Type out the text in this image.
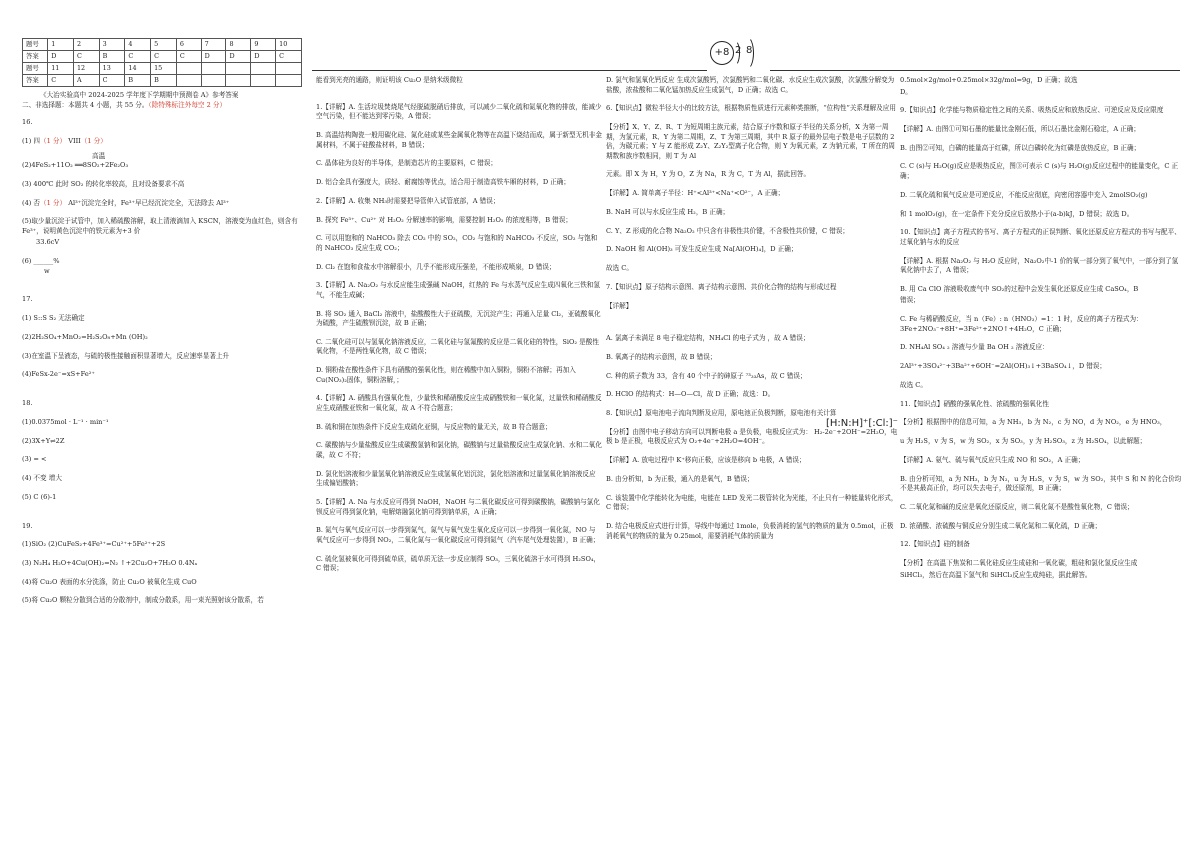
+8 2 8
题号	1	2	3	4	5	6	7	8	9	10
答案	D	C	B	C	C	C	D	D	D	C
题号	11	12	13	14	15					
答案	C	A	C	B	B					
《大冶实验高中 2024-2025 学年度下学期期中预测卷 A》参考答案
二、非选择题：本题共 4 小题，共 55 分。（除特殊标注外每空 2 分）

16.

(1) 四（1 分） VIII（1 分）

高温

(2)4FeS₂+11O₂ ══8SO₂+2Fe₂O₃

(3) 400℃ 此时 SO₂ 的转化率较高，且对设备要求不高

(4) 否（1 分） Al³⁺沉淀完全时，Fe³⁺早已经沉淀完全，无法除去 Al³⁺

(5)取少量沉淀于试管中，加入稀硫酸溶解，取上清液滴加入 KSCN，溶液变为血红色，则含有 Fe³⁺，说明黄色沉淀中的铁元素为+3 价

33.6cV

(6) ______%

w

17.

(1) S::S S₂ 无法确定

(2)2H₂SO₄+MnO₂=H₂S₂O₈+Mn (OH)₂

(3)在室温下呈液态，与硫的极性接触面积显著增大，反应速率显著上升

(4)FeSx-2e⁻=xS+Fe²⁺

18.

(1)0.0375mol · L⁻¹ · min⁻¹

(2)3X+Y⇌2Z

(3) = <

(4) 不变 增大

(5) C (6)-1

19.

(1)SiO₂ (2)CuFeS₂+4Fe³⁺=Cu²⁺+5Fe²⁺+2S

(3) N₂H₄ H₂O+4Cu(OH)₂=N₂ ↑+2Cu₂O+7H₂O 0.4Nₐ

(4)将 Cu₂O 表面的水分洗涤，防止 Cu₂O 被氧化生成 CuO

(5)将 Cu₂O 颗粒分散到合适的分散剂中，制成分散系，用一束光照射该分散系，若

能看到光亮的通路，则证明该 Cu₂O 是纳米级微粒

1.【详解】A. 生活垃圾焚烧尾气经脱硫脱硝后排放，可以减少二氧化硫和氮氧化物的排放，能减少空气污染，但不能达到零污染，A 错误；

B. 高温结构陶瓷一般用碳化硅、氮化硅或某些金属氧化物等在高温下烧结而成，属于新型无机非金属材料，不属于硅酸盐材料，B 错误；

C. 晶体硅为良好的半导体，是制造芯片的主要原料，C 错误；

D. 铝合金具有强度大，质轻、耐腐蚀等优点，适合用于制造高铁车厢的材料，D 正确；

2.【详解】A. 收集 NH₃时需要把导管伸入试管底部，A 错误；

B. 探究 Fe³⁺、Cu²⁺ 对 H₂O₂ 分解速率的影响，需要控制 H₂O₂ 的浓度相等，B 错误；

C. 可以用饱和的 NaHCO₃ 除去 CO₂ 中的 SO₂，CO₂ 与饱和的 NaHCO₃ 不反应，SO₂ 与饱和的 NaHCO₃ 反应生成 CO₂；

D. Cl₂ 在饱和食盐水中溶解很小，几乎不能形成压强差，不能形成喷泉，D 错误；

3.【详解】A. Na₂O₂ 与水反应能生成强碱 NaOH，红热的 Fe 与水蒸气反应生成四氧化三铁和氢气，不能生成碱；

B. 将 SO₂ 通入 BaCl₂ 溶液中，盐酸酸性大于亚硫酸，无沉淀产生；再通入足量 Cl₂，亚硫酸氧化为硫酸，产生硫酸钡沉淀，故 B 正确；

C. 二氧化硅可以与氢氧化钠溶液反应，二氧化硅与氢氟酸的反应是二氧化硅的特性，SiO₂ 是酸性氧化物，不是两性氧化物，故 C 错误；

D. 铜粉盐在酸性条件下具有硝酸的强氧化性，则在稀酸中加入铜粉，铜粉不溶解；再加入 Cu(NO₃)₂固体，铜粉溶解，；

4.【详解】A. 硝酸具有强氧化性，少量铁和稀硝酸反应生成硝酸铁和一氧化氮，过量铁和稀硝酸反应生成硝酸亚铁和一氧化氮，故 A 不符合题意；

B. 硫和铜在加热条件下反应生成硫化亚铜，与反应物的量无关，故 B 符合题意；

C. 碳酸钠与少量盐酸反应生成碳酸氢钠和氯化钠，碳酸钠与过量盐酸反应生成氯化钠、水和二氧化碳，故 C 不符；

D. 氯化铝溶液和少量氢氧化钠溶液反应生成氢氧化铝沉淀，氯化铝溶液和过量氢氧化钠溶液反应生成偏铝酸钠；

5.【详解】A. Na 与水反应可得到 NaOH，NaOH 与二氧化碳反应可得到碳酸钠，碳酸钠与氯化钡反应可得到氯化钠，电解熔融氯化钠可得到钠单质，A 正确；

B. 氮气与氧气反应可以一步得到氮气，氮气与氧气发生氧化反应可以一步得到一氧化氮，NO 与氧气反应可一步得到 NO₂，二氧化氮与一氧化碳反应可得到氮气（汽车尾气处理装置），B 正确；

C. 硫化氢被氧化可得到硫单质，硫单质无法一步反应制得 SO₃，三氧化硫溶于水可得到 H₂SO₄，C 错误；

D. 氯气和氢氧化钙反应 生成次氯酸钙，次氯酸钙和二氧化碳、水反应生成次氯酸，次氯酸分解变为盐酸，浓盐酸和二氧化锰加热反应生成氯气，D 正确；故选 C。

6.【知识点】微粒半径大小的比较方法，根据物质性质进行元素种类推断，“位构性”关系理解及应用

【分析】X、Y、Z、R、T 为短周期主族元素，结合原子序数和原子半径的关系分析，X 为第一周期，为氢元素，R、Y 为第二周期，Z、T 为第三周期，其中 R 原子的最外层电子数是电子层数的 2 倍，为碳元素；Y 与 Z 能形成 Z₂Y、Z₂Y₂型离子化合物，则 Y 为氧元素，Z 为钠元素，T 所在的周期数和族序数相同，则 T 为 Al

元素。即 X 为 H，Y 为 O，Z 为 Na，R 为 C，T 为 Al，据此回答。

【详解】A. 简单离子半径：H⁺<Al³⁺<Na⁺<O²⁻，A 正确；

B. NaH 可以与水反应生成 H₂，B 正确；

C. Y、Z 形成的化合物 Na₂O₂ 中只含有非极性共价键，不含极性共价键，C 错误；

D. NaOH 和 Al(OH)₃ 可发生反应生成 Na[Al(OH)₄]，D 正确；

故选 C。

7.【知识点】原子结构示意图、离子结构示意图、共价化合物的结构与形成过程

【详解】

A. 氯离子未满足 8 电子稳定结构，NH₄Cl 的电子式为 ，故 A 错误；

B. 氧离子的结构示意图，故 B 错误；

C. 种的质子数为 33，含有 40 个中子的砷原子 ⁷³₃₃As，故 C 错误；

D. HClO 的结构式：H—O—Cl，故 D 正确；故选：D。

8.【知识点】原电池电子流向判断及应用，原电池正负极判断，原电池有关计算

【分析】由图中电子移动方向可以判断电极 a 是负极，电极反应式为： H₂-2e⁻+2OH⁻=2H₂O，电极 b 是正极，电极反应式为 O₂+4e⁻+2H₂O=4OH⁻。

【详解】A. 放电过程中 K⁺移向正极，应该是移向 b 电极，A 错误；

B. 由分析知，b 为正极，通入的是氧气，B 错误；

C. 该装置中化学能转化为电能，电能在 LED 发光二极管转化为光能，不止只有一种能量转化形式，C 错误；

D. 结合电极反应式进行计算，导线中每通过 1mole，负极消耗的氢气的物质的量为 0.5mol，正极消耗氧气的物质的量为 0.25mol，需要消耗气体的质量为

[H:N:H]⁺[:Cl:]⁻

0.5mol×2g/mol+0.25mol×32g/mol=9g，D 正确；故选

D。

9.【知识点】化学能与物质稳定性之间的关系、吸热反应和放热反应、可逆反应及反应限度

【详解】A. 由图①可知石墨的能量比金刚石低，所以石墨比金刚石稳定，A 正确；

B. 由图②可知，白磷的能量高于红磷，所以白磷转化为红磷是放热反应，B 正确；

C. C (s)与 H₂O(g)反应是吸热反应，图③可表示 C (s)与 H₂O(g)反应过程中的能量变化，C 正确；

D. 二氧化硫和氧气反应是可逆反应，不能反应彻底，向密闭容器中充入 2molSO₂(g)

和 1 molO₂(g)，在一定条件下充分反应后放热小于(a-b)kJ，D 错误；故选 D。

10.【知识点】离子方程式的书写、离子方程式的正误判断、氧化还原反应方程式的书写与配平、过氧化钠与水的反应

【详解】A. 根据 Na₂O₂ 与 H₂O 反应时，Na₂O₂中-1 价的氧一部分到了氧气中，一部分到了氢氧化钠中去了，A 错误；

B. 用 Ca ClO 溶液吸收废气中 SO₂的过程中会发生氧化还原反应生成 CaSO₄，B

错误；

C. Fe 与稀硝酸反应，当 n（Fe）: n（HNO₃）=1：1 时，反应的离子方程式为：3Fe+2NO₃⁻+8H⁺=3Fe²⁺+2NO↑+4H₂O，C 正确；

D. NH₄Al SO₄ ₂ 溶液与少量 Ba OH ₂ 溶液反应：

2Al³⁺+3SO₄²⁻+3Ba²⁺+6OH⁻=2Al(OH)₃↓+3BaSO₄↓，D 错误；

故选 C。

11.【知识点】硝酸的强氧化性、浓硫酸的强氧化性

【分析】根据图中的信息可知，a 为 NH₃，b 为 N₂，c 为 NO，d 为 NO₂，e 为 HNO₃，

u 为 H₂S，v 为 S，w 为 SO₂，x 为 SO₃，y 为 H₂SO₃，z 为 H₂SO₄，以此解题；

【详解】A. 氨气、硫与氧气反应只生成 NO 和 SO₂，A 正确；

B. 由分析可知，a 为 NH₃，b 为 N₂，u 为 H₂S，v 为 S，w 为 SO₂，其中 S 和 N 的化合价均不是其最高正价，均可以失去电子，做还原剂，B 正确；

C. 二氧化氮和碱的反应是氧化还原反应，则二氧化氮不是酸性氧化物，C 错误；

D. 浓硝酸、浓硫酸与铜反应分别生成二氧化氮和二氧化硫，D 正确；

12.【知识点】硅的制备

【分析】在高温下焦炭和二氧化硅反应生成硅和一氧化碳，粗硅和氯化氢反应生成

SiHCl₃，然后在高温下氢气和 SiHCl₃反应生成纯硅，据此解答。
